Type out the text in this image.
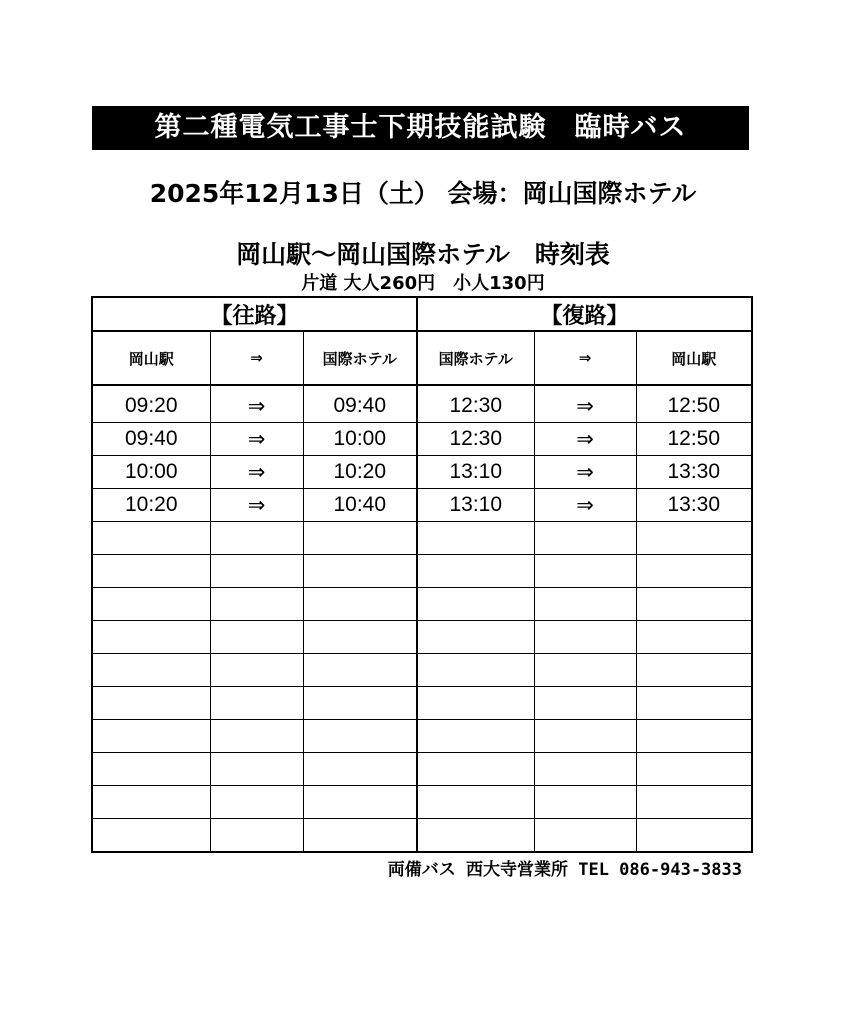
第二種電気工事士下期技能試験　臨時バス
2025年12月13日（土） 会場：岡山国際ホテル
岡山駅～岡山国際ホテル　時刻表
片道 大人260円　小人130円
【往路】			【復路】		
岡山駅	⇒	国際ホテル	国際ホテル	⇒	岡山駅
09:20	⇒	09:40	12:30	⇒	12:50
09:40	⇒	10:00	12:30	⇒	12:50
10:00	⇒	10:20	13:10	⇒	13:30
10:20	⇒	10:40	13:10	⇒	13:30

両備バス 西大寺営業所 TEL 086-943-3833
